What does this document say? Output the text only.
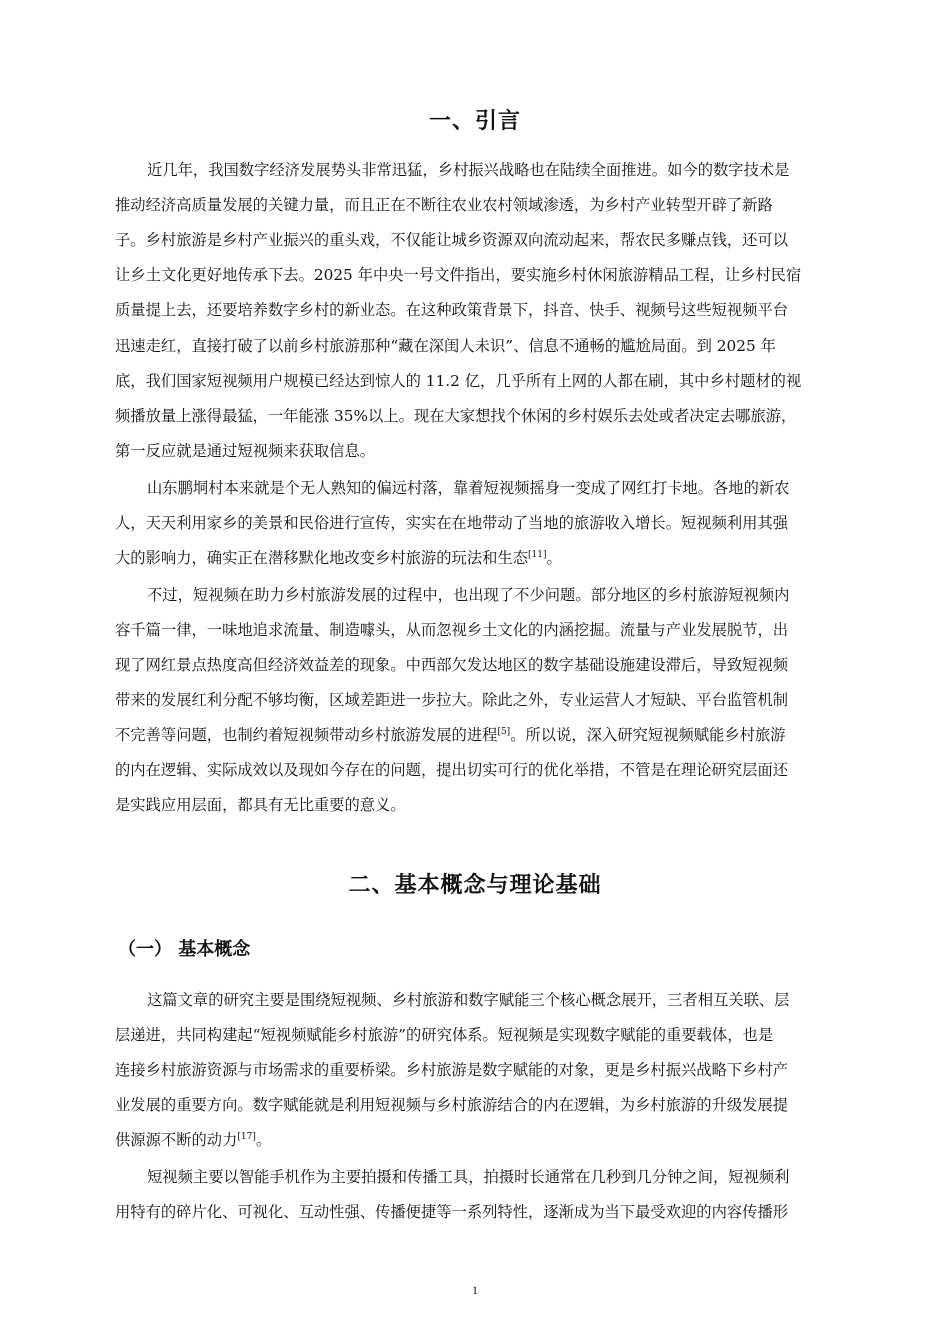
一、引言
近几年，我国数字经济发展势头非常迅猛，乡村振兴战略也在陆续全面推进。如今的数字技术是
推动经济高质量发展的关键力量，而且正在不断往农业农村领域渗透，为乡村产业转型开辟了新路
子。乡村旅游是乡村产业振兴的重头戏，不仅能让城乡资源双向流动起来，帮农民多赚点钱，还可以
让乡土文化更好地传承下去。2025 年中央一号文件指出，要实施乡村休闲旅游精品工程，让乡村民宿
质量提上去，还要培养数字乡村的新业态。在这种政策背景下，抖音、快手、视频号这些短视频平台
迅速走红，直接打破了以前乡村旅游那种“藏在深闺人未识”、信息不通畅的尴尬局面。到 2025 年
底，我们国家短视频用户规模已经达到惊人的 11.2 亿，几乎所有上网的人都在刷，其中乡村题材的视
频播放量上涨得最猛，一年能涨 35%以上。现在大家想找个休闲的乡村娱乐去处或者决定去哪旅游，
第一反应就是通过短视频来获取信息。
山东鹏垌村本来就是个无人熟知的偏远村落，靠着短视频摇身一变成了网红打卡地。各地的新农
人，天天利用家乡的美景和民俗进行宣传，实实在在地带动了当地的旅游收入增长。短视频利用其强
大的影响力，确实正在潜移默化地改变乡村旅游的玩法和生态[11]。
不过，短视频在助力乡村旅游发展的过程中，也出现了不少问题。部分地区的乡村旅游短视频内
容千篇一律，一味地追求流量、制造噱头，从而忽视乡土文化的内涵挖掘。流量与产业发展脱节，出
现了网红景点热度高但经济效益差的现象。中西部欠发达地区的数字基础设施建设滞后，导致短视频
带来的发展红利分配不够均衡，区域差距进一步拉大。除此之外，专业运营人才短缺、平台监管机制
不完善等问题，也制约着短视频带动乡村旅游发展的进程[5]。所以说，深入研究短视频赋能乡村旅游
的内在逻辑、实际成效以及现如今存在的问题，提出切实可行的优化举措，不管是在理论研究层面还
是实践应用层面，都具有无比重要的意义。
二、基本概念与理论基础
（一） 基本概念
这篇文章的研究主要是围绕短视频、乡村旅游和数字赋能三个核心概念展开，三者相互关联、层
层递进，共同构建起“短视频赋能乡村旅游”的研究体系。短视频是实现数字赋能的重要载体，也是
连接乡村旅游资源与市场需求的重要桥梁。乡村旅游是数字赋能的对象，更是乡村振兴战略下乡村产
业发展的重要方向。数字赋能就是利用短视频与乡村旅游结合的内在逻辑，为乡村旅游的升级发展提
供源源不断的动力[17]。
短视频主要以智能手机作为主要拍摄和传播工具，拍摄时长通常在几秒到几分钟之间，短视频利
用特有的碎片化、可视化、互动性强、传播便捷等一系列特性，逐渐成为当下最受欢迎的内容传播形
1
